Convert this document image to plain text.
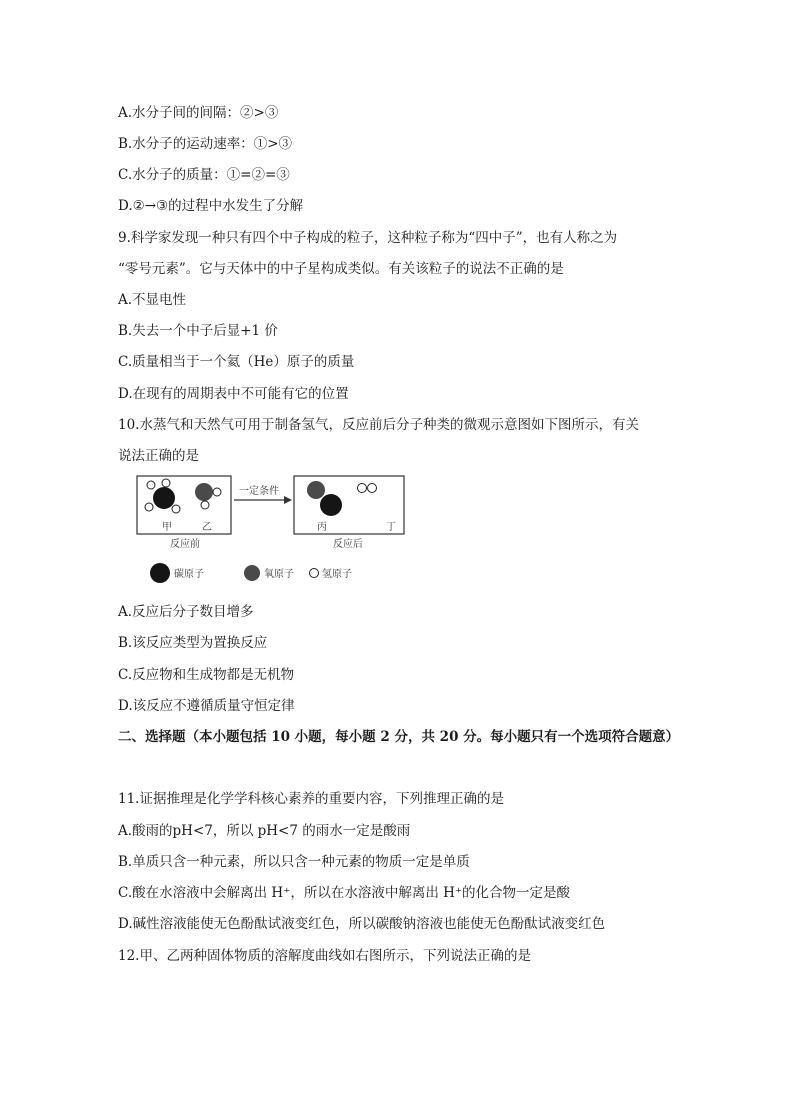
A.水分子间的间隔：②>③
B.水分子的运动速率：①>③
C.水分子的质量：①=②=③
D.②→③的过程中水发生了分解
9.科学家发现一种只有四个中子构成的粒子，这种粒子称为“四中子”，也有人称之为
“零号元素”。它与天体中的中子星构成类似。有关该粒子的说法不正确的是
A.不显电性
B.失去一个中子后显+1 价
C.质量相当于一个氦（He）原子的质量
D.在现有的周期表中不可能有它的位置
10.水蒸气和天然气可用于制备氢气，反应前后分子种类的微观示意图如下图所示，有关
说法正确的是
甲	乙
一定条件
丙	丁
反应前	反应后
碳原子	氧原子	氢原子
A.反应后分子数目增多
B.该反应类型为置换反应
C.反应物和生成物都是无机物
D.该反应不遵循质量守恒定律
二、选择题（本小题包括 10 小题，每小题 2 分，共 20 分。每小题只有一个选项符合题意）
11.证据推理是化学学科核心素养的重要内容，下列推理正确的是
A.酸雨的pH<7，所以 pH<7 的雨水一定是酸雨
B.单质只含一种元素，所以只含一种元素的物质一定是单质
C.酸在水溶液中会解离出 H⁺，所以在水溶液中解离出 H⁺的化合物一定是酸
D.碱性溶液能使无色酚酞试液变红色，所以碳酸钠溶液也能使无色酚酞试液变红色
12.甲、乙两种固体物质的溶解度曲线如右图所示，下列说法正确的是
